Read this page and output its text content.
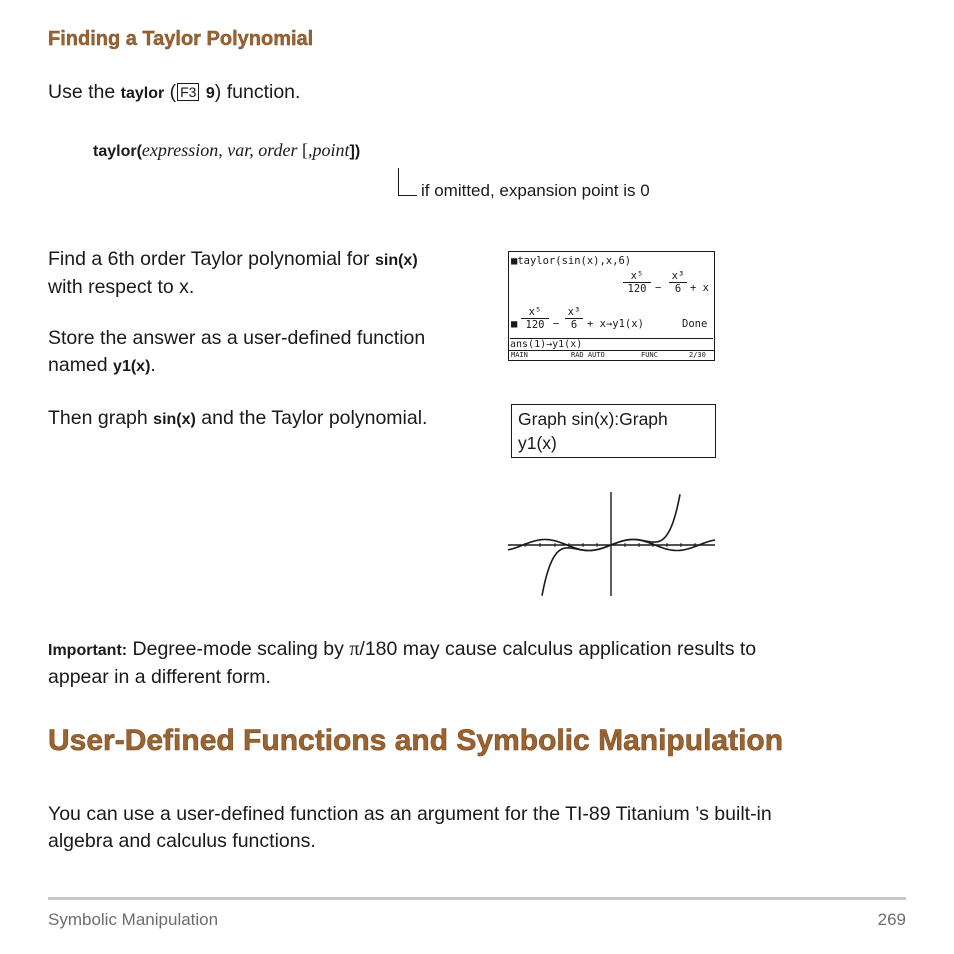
Finding a Taylor Polynomial
Use the taylor ( F3 9) function.
taylor(expression, var, order [,point])
if omitted, expansion point is 0
Find a 6th order Taylor polynomial for sin(x)
with respect to x.
Store the answer as a user-defined function
named y1(x).
Then graph sin(x) and the Taylor polynomial.
■taylor(sin(x),x,6)
$\frac{\text{x⁵}}{120} - \frac{\text{x³}}{6} + x$
■ $\frac{\text{x⁵}}{120} - \frac{\text{x³}}{6} + x\to y1(x)$	Done
ans(1)→y1(x)
MAIN	RAD AUTO	FUNC	2/30
Graph sin(x):Graph
y1(x)
Important: Degree-mode scaling by π/180 may cause calculus application results to
appear in a different form.
User-Defined Functions and Symbolic Manipulation
You can use a user-defined function as an argument for the TI-89 Titanium ’s built-in
algebra and calculus functions.
Symbolic Manipulation	269
